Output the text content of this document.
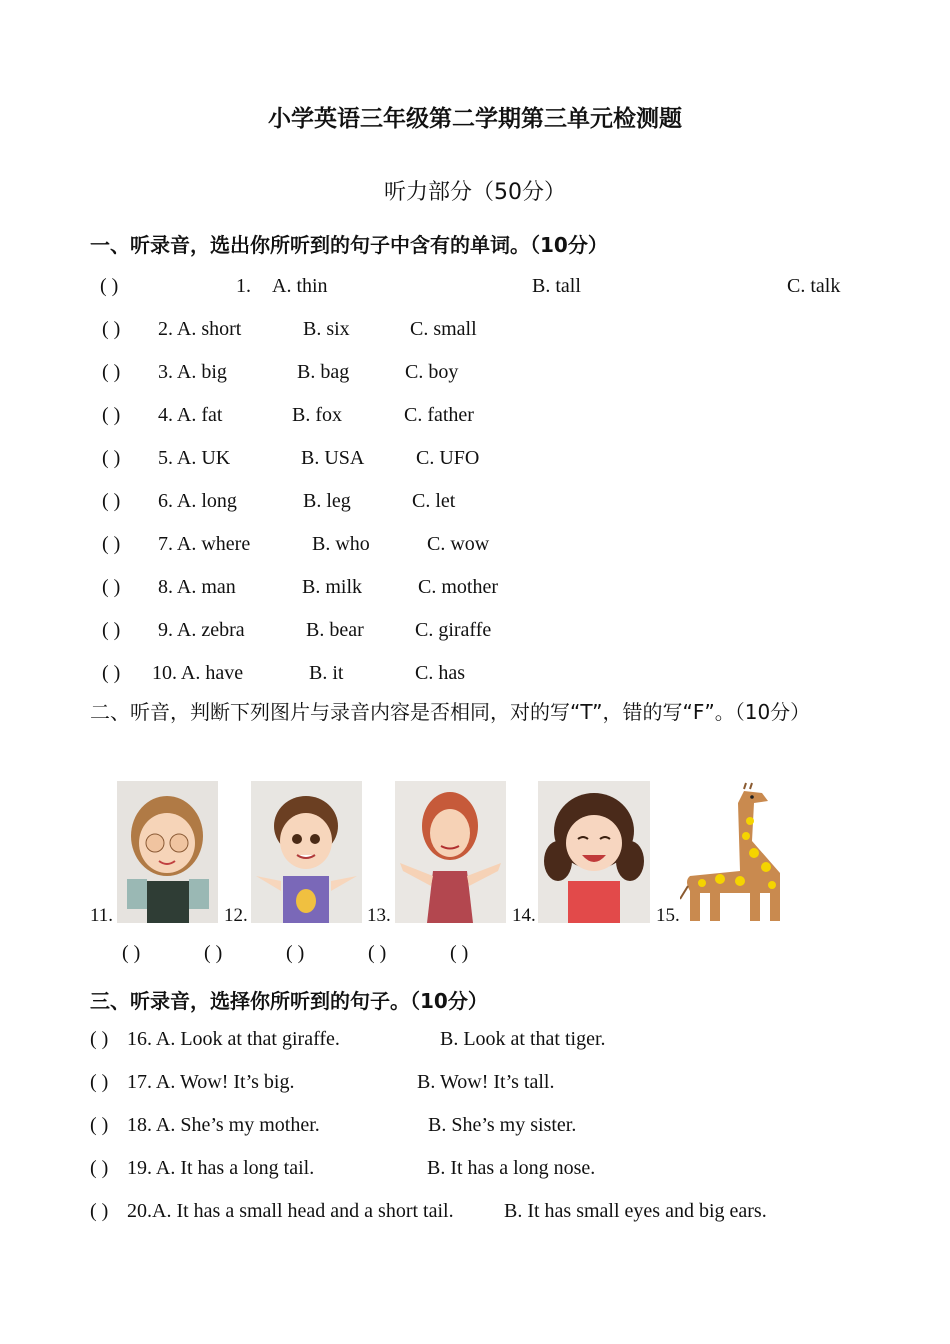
小学英语三年级第二学期第三单元检测题
听力部分（50分）
一、听录音，选出你所听到的句子中含有的单词。（10分）
( )	1. A. thin	B. tall	C. talk
( ) 2. A. short	B. six	C. small
( ) 3. A. big	B. bag	C. boy
( ) 4. A. fat	B. fox	C. father
( ) 5. A. UK	B. USA	C. UFO
( ) 6. A. long	B. leg	C. let
( ) 7. A. where	B. who	C. wow
( ) 8. A. man	B. milk	C. mother
( ) 9. A. zebra	B. bear	C. giraffe
( ) 10. A. have	B. it	C. has
二、听音，判断下列图片与录音内容是否相同，对的写“T”，错的写“F”。（10分）
11.	12.	13.	14.	15.
( )	( )	( )	( )	( )
三、听录音，选择你所听到的句子。（10分）
( ) 16. A. Look at that giraffe.	B. Look at that tiger.
( ) 17. A. Wow! It’s big.	B. Wow! It’s tall.
( ) 18. A. She’s my mother.	B. She’s my sister.
( ) 19. A. It has a long tail.	B. It has a long nose.
( ) 20.A. It has a small head and a short tail.	B. It has small eyes and big ears.
